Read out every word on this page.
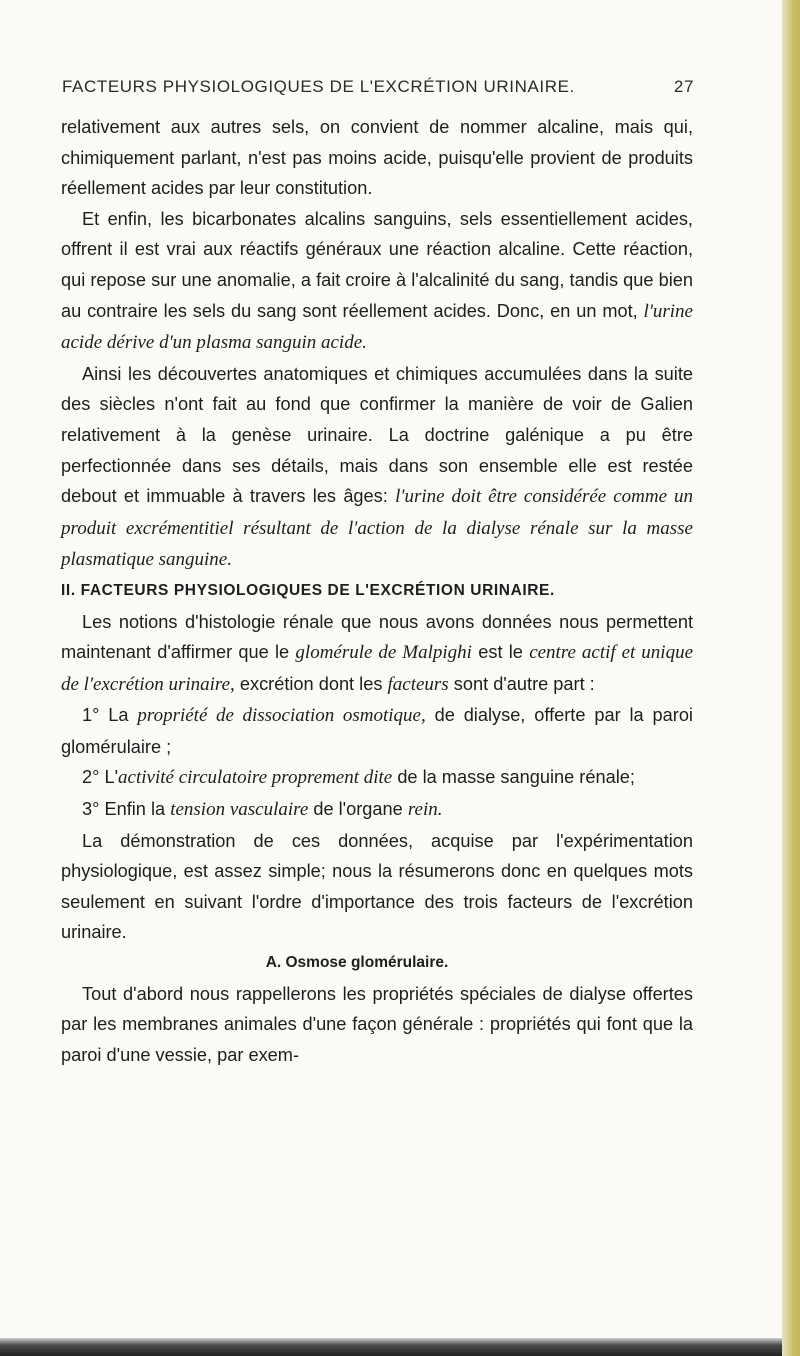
FACTEURS PHYSIOLOGIQUES DE L'EXCRÉTION URINAIRE.	27

relativement aux autres sels, on convient de nommer alcaline, mais qui, chimiquement parlant, n'est pas moins acide, puisqu'elle provient de produits réellement acides par leur constitution.

Et enfin, les bicarbonates alcalins sanguins, sels essentiellement acides, offrent il est vrai aux réactifs généraux une réaction alcaline. Cette réaction, qui repose sur une anomalie, a fait croire à l'alcalinité du sang, tandis que bien au contraire les sels du sang sont réellement acides. Donc, en un mot, l'urine acide dérive d'un plasma sanguin acide.

Ainsi les découvertes anatomiques et chimiques accumulées dans la suite des siècles n'ont fait au fond que confirmer la manière de voir de Galien relativement à la genèse urinaire. La doctrine galénique a pu être perfectionnée dans ses détails, mais dans son ensemble elle est restée debout et immuable à travers les âges: l'urine doit être considérée comme un produit excrémentitiel résultant de l'action de la dialyse rénale sur la masse plasmatique sanguine.

II. FACTEURS PHYSIOLOGIQUES DE L'EXCRÉTION URINAIRE.

Les notions d'histologie rénale que nous avons données nous permettent maintenant d'affirmer que le glomérule de Malpighi est le centre actif et unique de l'excrétion urinaire, excrétion dont les facteurs sont d'autre part :

1° La propriété de dissociation osmotique, de dialyse, offerte par la paroi glomérulaire ;

2° L'activité circulatoire proprement dite de la masse sanguine rénale;

3° Enfin la tension vasculaire de l'organe rein.

La démonstration de ces données, acquise par l'expérimentation physiologique, est assez simple; nous la résumerons donc en quelques mots seulement en suivant l'ordre d'importance des trois facteurs de l'excrétion urinaire.

A. Osmose glomérulaire.

Tout d'abord nous rappellerons les propriétés spéciales de dialyse offertes par les membranes animales d'une façon générale : propriétés qui font que la paroi d'une vessie, par exem-
